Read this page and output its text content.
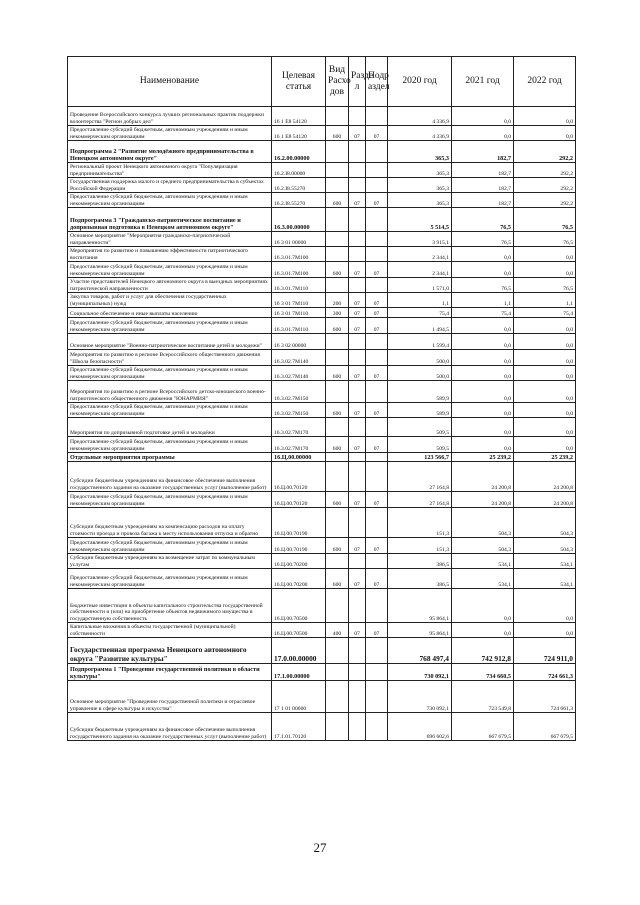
Наименование	Целевая статья	Вид Расхо дов	Разде л	Подр аздел	2020 год	2021 год	2022 год
Проведение Всероссийского конкурса лучших региональных практик поддержки волонтерства "Регион добрых дел"	16 1 E8 54120				4 336,9	0,0	0,0
Предоставление субсидий бюджетным, автономным учреждениям и иным некоммерческим организациям	16 1 E8 54120	600	07	07	4 336,9	0,0	0,0
Подпрограмма 2 "Развитие молодёжного предпринимательства в Ненецком автономном округе"	16.2.00.00000				365,3	182,7	292,2
Региональный проект Ненецкого автономного округа "Популяризация предпринимательства"	16.2.I8.00000				365,3	182,7	292,2
Государственная поддержка малого и среднего предпринимательства в субъектах Российской Федерации	16.2.I8.55270				365,3	182,7	292,2
Предоставление субсидий бюджетным, автономным учреждениям и иным некоммерческим организациям	16.2.I8.55270	600	07	07	365,3	182,7	292,2
Подпрограмма 3 "Гражданско-патриотическое воспитание и допризывная подготовка в Ненецком автономном округе"	16.3.00.00000				5 514,5	76,5	76,5
Основное мероприятие "Мероприятия гражданско-патриотической направленности"	16 3 01 00000				3 915,1	76,5	76,5
Мероприятия по развитию и повышению эффективности патриотического воспитания	16.3.01.7М100				2 344,1	0,0	0,0
Предоставление субсидий бюджетным, автономным учреждениям и иным некоммерческим организациям	16.3.01.7М100	600	07	07	2 344,1	0,0	0,0
Участие представителей Ненецкого автономного округа в выездных мероприятиях патриотической направленности	16.3.01.7М110				1 571,0	76,5	76,5
Закупка товаров, работ и услуг для обеспечения государственных (муниципальных) нужд	16 3 01 7М110	200	07	07	1,1	1,1	1,1
Социальное обеспечение и иные выплаты населению	16 3 01 7М110	300	07	07	75,4	75,4	75,4
Предоставление субсидий бюджетным, автономным учреждениям и иным некоммерческим организациям	16.3.01.7М110	600	07	07	1 494,5	0,0	0,0
Основное мероприятие "Военно-патриотическое воспитание детей и молодежи"	16 3 02 00000				1 599,4	0,0	0,0
Мероприятия по развитию в регионе Всероссийского общественного движения "Школа безопасности"	16.3.02.7М140				500,0	0,0	0,0
Предоставление субсидий бюджетным, автономным учреждениям и иным некоммерческим организациям	16.3.02.7М140	600	07	07	500,0	0,0	0,0
Мероприятия по развитию в регионе Всероссийского детско-юношеского военно-патриотического общественного движения "ЮНАРМИЯ"	16.3.02.7М150				589,9	0,0	0,0
Предоставление субсидий бюджетным, автономным учреждениям и иным некоммерческим организациям	16.3.02.7М150	600	07	07	589,9	0,0	0,0
Мероприятия по допризывной подготовке детей и молодёжи	16.3.02.7М170				509,5	0,0	0,0
Предоставление субсидий бюджетным, автономным учреждениям и иным некоммерческим организациям	16.3.02.7М170	600	07	07	509,5	0,0	0,0
Отдельные мероприятия программы	16.Ц.00.00000				123 566,7	25 239,2	25 239,2
Субсидии бюджетным учреждениям на финансовое обеспечение выполнения государственного задания на оказание государственных услуг (выполнение работ)	16.Ц.00.70120				27 164,8	24 200,8	24 200,8
Предоставление субсидий бюджетным, автономным учреждениям и иным некоммерческим организациям	16.Ц.00.70120	600	07	07	27 164,8	24 200,8	24 200,8
Субсидии бюджетным учреждениям на компенсацию расходов на оплату стоимости проезда и провоза багажа к месту использования отпуска и обратно	16.Ц.00.70190				151,3	504,3	504,3
Предоставление субсидий бюджетным, автономным учреждениям и иным некоммерческим организациям	16.Ц.00.70190	600	07	07	151,3	504,3	504,3
Субсидии бюджетным учреждениям на возмещение затрат по коммунальным услугам	16.Ц.00.70200				386,5	534,1	534,1
Предоставление субсидий бюджетным, автономным учреждениям и иным некоммерческим организациям	16.Ц.00.70200	600	07	07	386,5	534,1	534,1
Бюджетные инвестиции в объекты капитального строительства государственной собственности и (или) на приобретение объектов недвижимого имущества в государственную собственность	16.Ц.00.70500				95 864,1	0,0	0,0
Капитальные вложения в объекты государственной (муниципальной) собственности	16.Ц.00.70500	400	07	07	95 864,1	0,0	0,0
Государственная программа Ненецкого автономного округа "Развитие культуры"	17.0.00.00000				768 497,4	742 912,8	724 911,0
Подпрограмма 1 "Проведение государственной политики в области культуры"	17.1.00.00000				730 092,1	734 660,5	724 661,3
Основное мероприятие "Проведение государственной политики и отраслевое управление в сфере культуры и искусства"	17 1 01 00000				730 092,1	723 549,8	724 661,3
Субсидии бюджетным учреждениям на финансовое обеспечение выполнения государственного задания на оказание государственных услуг (выполнение работ)	17.1.01.70120				696 602,6	667 679,5	667 679,5
27
